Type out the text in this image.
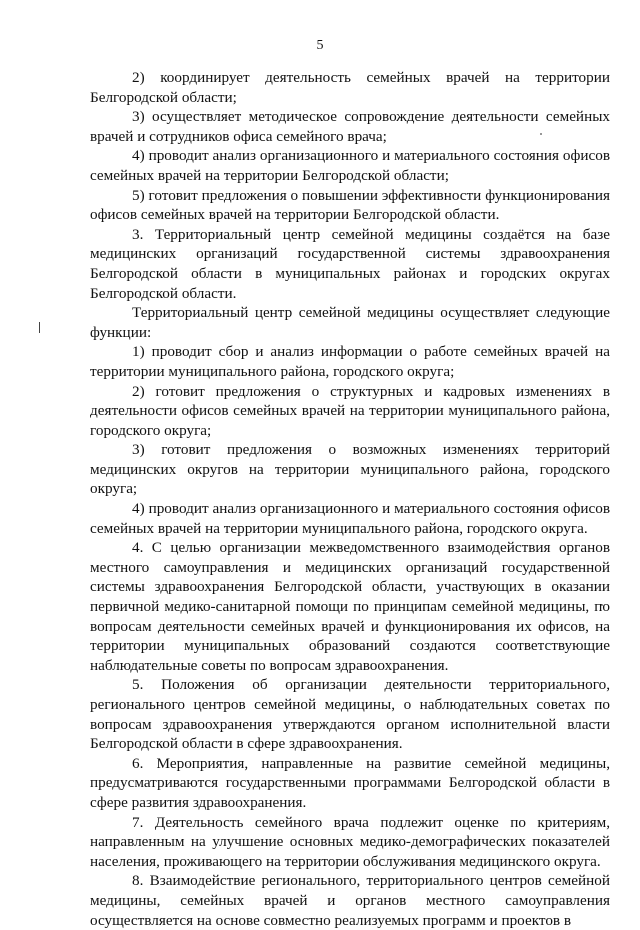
5

2) координирует деятельность семейных врачей на территории Белгородской области;

3) осуществляет методическое сопровождение деятельности семейных врачей и сотрудников офиса семейного врача;

4) проводит анализ организационного и материального состояния офисов семейных врачей на территории Белгородской области;

5) готовит предложения о повышении эффективности функционирования офисов семейных врачей на территории Белгородской области.

3. Территориальный центр семейной медицины создаётся на базе медицинских организаций государственной системы здравоохранения Белгородской области в муниципальных районах и городских округах Белгородской области.

Территориальный центр семейной медицины осуществляет следующие функции:

1) проводит сбор и анализ информации о работе семейных врачей на территории муниципального района, городского округа;

2) готовит предложения о структурных и кадровых изменениях в деятельности офисов семейных врачей на территории муниципального района, городского округа;

3) готовит предложения о возможных изменениях территорий медицинских округов на территории муниципального района, городского округа;

4) проводит анализ организационного и материального состояния офисов семейных врачей на территории муниципального района, городского округа.

4. С целью организации межведомственного взаимодействия органов местного самоуправления и медицинских организаций государственной системы здравоохранения Белгородской области, участвующих в оказании первичной медико-санитарной помощи по принципам семейной медицины, по вопросам деятельности семейных врачей и функционирования их офисов, на территории муниципальных образований создаются соответствующие наблюдательные советы по вопросам здравоохранения.

5. Положения об организации деятельности территориального, регионального центров семейной медицины, о наблюдательных советах по вопросам здравоохранения утверждаются органом исполнительной власти Белгородской области в сфере здравоохранения.

6. Мероприятия, направленные на развитие семейной медицины, предусматриваются государственными программами Белгородской области в сфере развития здравоохранения.

7. Деятельность семейного врача подлежит оценке по критериям, направленным на улучшение основных медико-демографических показателей населения, проживающего на территории обслуживания медицинского округа.

8. Взаимодействие регионального, территориального центров семейной медицины, семейных врачей и органов местного самоуправления осуществляется на основе совместно реализуемых программ и проектов в
